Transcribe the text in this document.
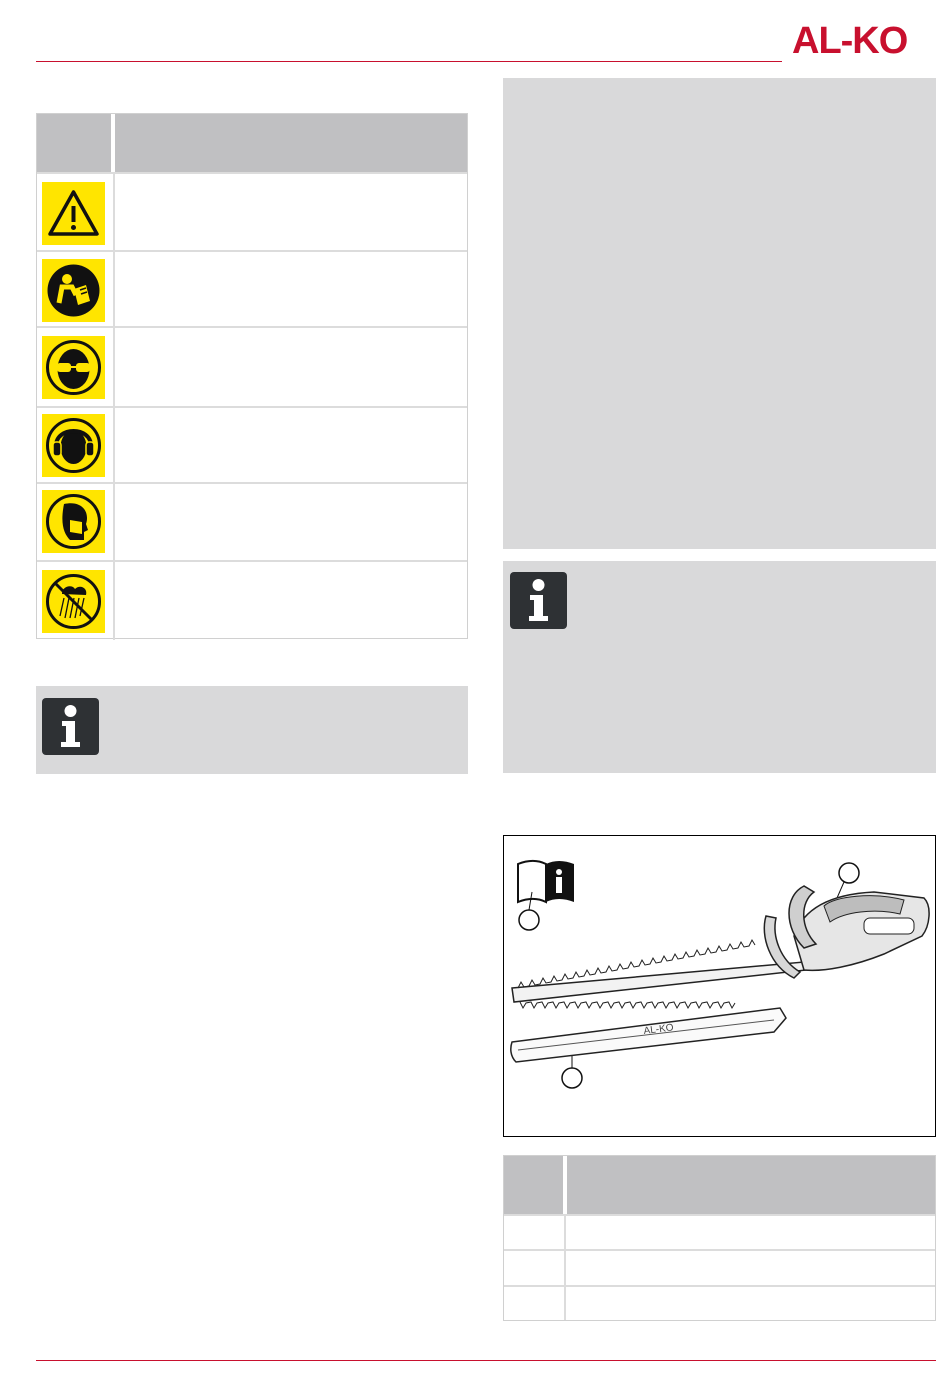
AL-KO
AL-KO
